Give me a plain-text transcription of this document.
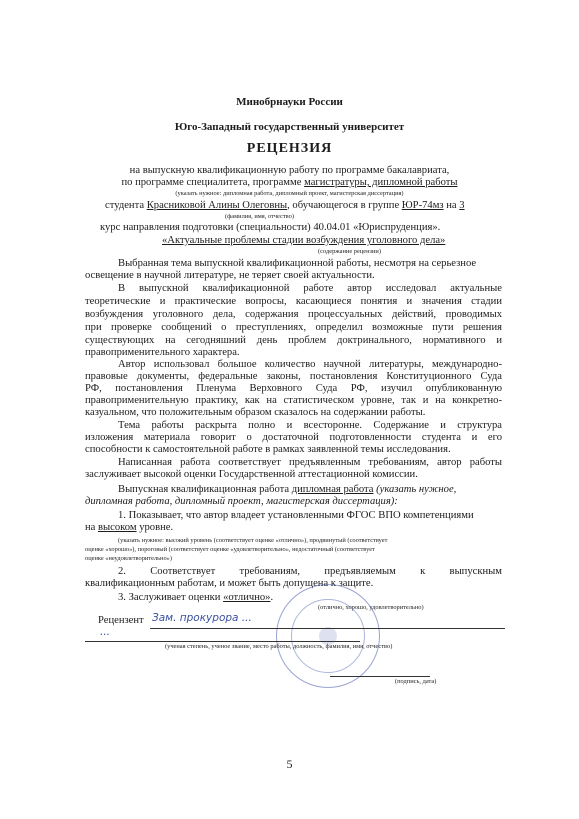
Минобрнауки России
Юго-Западный государственный университет
РЕЦЕНЗИЯ
на выпускную квалификационную работу по программе бакалавриата,
по программе специалитета, программе магистратуры, дипломной работы
(указать нужное: дипломная работа, дипломный проект, магистерская диссертация)
студента Красниковой Алины Олеговны, обучающегося в группе ЮР-74мз на 3
(фамилия, имя, отчество)
курс направления подготовки (специальности) 40.04.01 «Юриспруденция».
«Актуальные проблемы стадии возбуждения уголовного дела»
(содержание рецензии)
Выбранная тема выпускной квалификационной работы, несмотря на серьезное
освещение в научной литературе, не теряет своей актуальности.
В выпускной квалификационной работе автор исследовал актуальные
теоретические и практические вопросы, касающиеся понятия и значения стадии
возбуждения уголовного дела, содержания процессуальных действий, проводимых
при проверке сообщений о преступлениях, определил возможные пути решения
существующих на сегодняшний день проблем доктринального, нормативного и
правоприменительного характера.
Автор использовал большое количество научной литературы, международно-
правовые документы, федеральные законы, постановления Конституционного Суда
РФ, постановления Пленума Верховного Суда РФ, изучил опубликованную
правоприменительную практику, как на статистическом уровне, так и на конкретно-
казуальном, что положительным образом сказалось на содержании работы.
Тема работы раскрыта полно и всесторонне. Содержание и структура
изложения материала говорит о достаточной подготовленности студента и его
способности к самостоятельной работе в рамках заявленной темы исследования.
Написанная работа соответствует предъявленным требованиям, автор работы
заслуживает высокой оценки Государственной аттестационной комиссии.
Выпускная квалификационная работа дипломная работа (указать нужное,
дипломная работа, дипломный проект, магистерская диссертация):
1. Показывает, что автор владеет установленными ФГОС ВПО компетенциями
на высоком уровне.
(указать нужное: высокий уровень (соответствует оценке «отлично»), продвинутый (соответствует
оценке «хорошо»), пороговый (соответствует оценке «удовлетворительно», недостаточный (соответствует
оценке «неудовлетворительно»)
2. Соответствует требованиям, предъявляемым к выпускным
квалификационным работам, и может быть допущена к защите.
3. Заслуживает оценки «отлично».
(отлично, хорошо, удовлетворительно)
Рецензент Зам. прокурора ...
...
(ученая степень, ученое звание, место работы, должность, фамилия, имя, отчество)
(подпись, дата)
5
